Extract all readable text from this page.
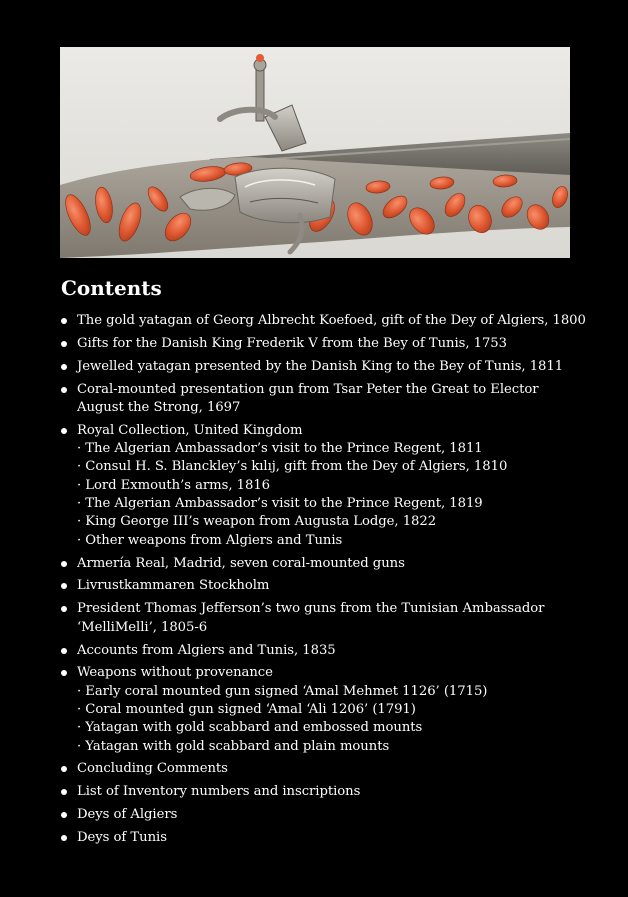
Contents
The gold yatagan of Georg Albrecht Koefoed, gift of the Dey of Algiers, 1800
Gifts for the Danish King Frederik V from the Bey of Tunis, 1753
Jewelled yatagan presented by the Danish King to the Bey of Tunis, 1811
Coral-mounted presentation gun from Tsar Peter the Great to Elector
August the Strong, 1697
Royal Collection, United Kingdom
· The Algerian Ambassador’s visit to the Prince Regent, 1811
· Consul H. S. Blanckley’s kılıj, gift from the Dey of Algiers, 1810
· Lord Exmouth’s arms, 1816
· The Algerian Ambassador’s visit to the Prince Regent, 1819
· King George III’s weapon from Augusta Lodge, 1822
· Other weapons from Algiers and Tunis
Armería Real, Madrid, seven coral-mounted guns
Livrustkammaren Stockholm
President Thomas Jefferson’s two guns from the Tunisian Ambassador
‘MelliMelli’, 1805-6
Accounts from Algiers and Tunis, 1835
Weapons without provenance
· Early coral mounted gun signed ‘Amal Mehmet 1126’ (1715)
· Coral mounted gun signed ‘Amal ‘Ali 1206’ (1791)
· Yatagan with gold scabbard and embossed mounts
· Yatagan with gold scabbard and plain mounts
Concluding Comments
List of Inventory numbers and inscriptions
Deys of Algiers
Deys of Tunis
